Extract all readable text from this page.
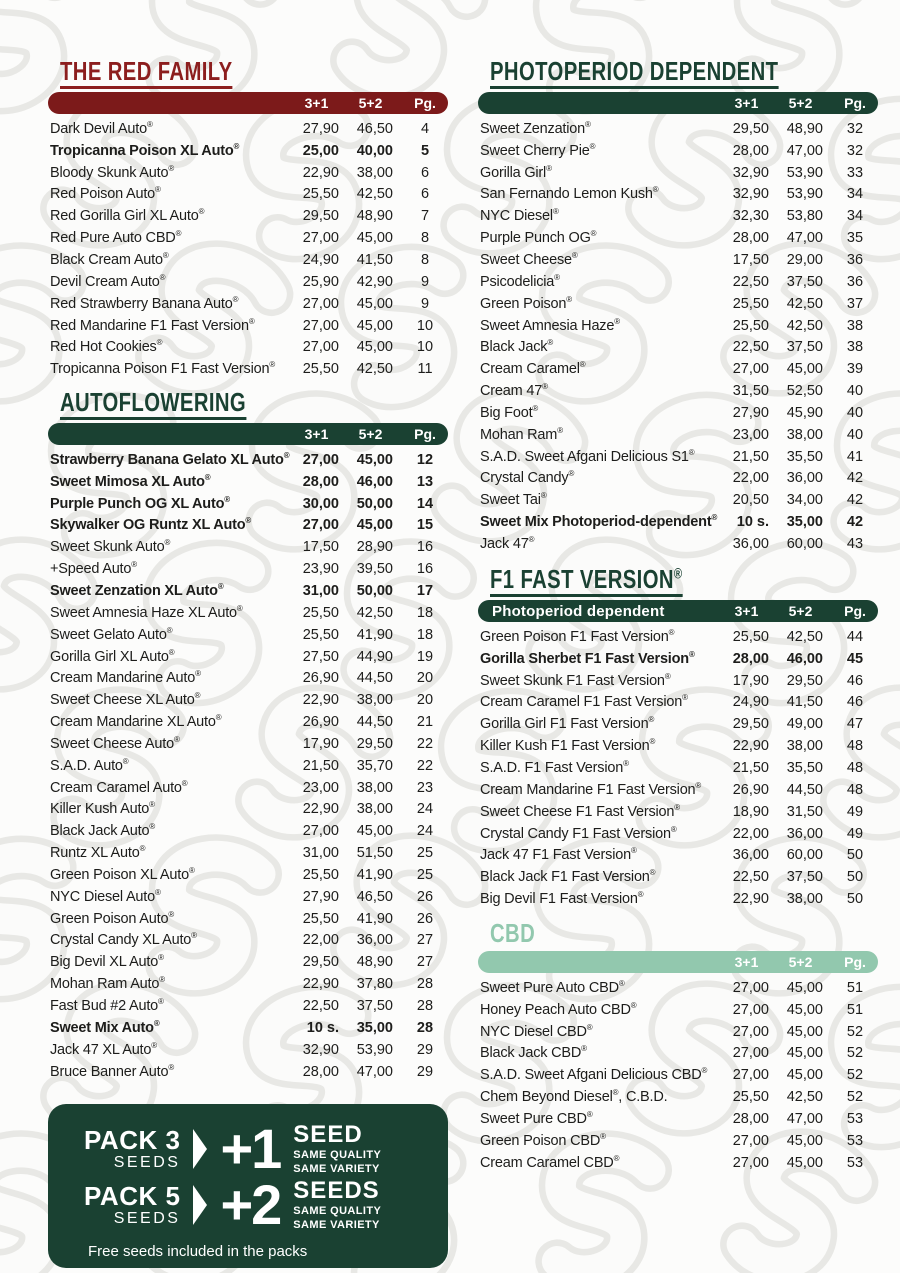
THE RED FAMILY
3+1	5+2	Pg.
Dark Devil Auto®	27,90	46,50	4
Tropicanna Poison XL Auto®	25,00	40,00	5
Bloody Skunk Auto®	22,90	38,00	6
Red Poison Auto®	25,50	42,50	6
Red Gorilla Girl XL Auto®	29,50	48,90	7
Red Pure Auto CBD®	27,00	45,00	8
Black Cream Auto®	24,90	41,50	8
Devil Cream Auto®	25,90	42,90	9
Red Strawberry Banana Auto®	27,00	45,00	9
Red Mandarine F1 Fast Version®	27,00	45,00	10
Red Hot Cookies®	27,00	45,00	10
Tropicanna Poison F1 Fast Version®	25,50	42,50	11
AUTOFLOWERING
3+1	5+2	Pg.
Strawberry Banana Gelato XL Auto® 27,00	45,00	12
Sweet Mimosa XL Auto®	28,00	46,00	13
Purple Punch OG XL Auto®	30,00	50,00	14
Skywalker OG Runtz XL Auto®	27,00	45,00	15
Sweet Skunk Auto®	17,50	28,90	16
+Speed Auto®	23,90	39,50	16
Sweet Zenzation XL Auto®	31,00	50,00	17
Sweet Amnesia Haze XL Auto®	25,50	42,50	18
Sweet Gelato Auto®	25,50	41,90	18
Gorilla Girl XL Auto®	27,50	44,90	19
Cream Mandarine Auto®	26,90	44,50	20
Sweet Cheese XL Auto®	22,90	38,00	20
Cream Mandarine XL Auto®	26,90	44,50	21
Sweet Cheese Auto®	17,90	29,50	22
S.A.D. Auto®	21,50	35,70	22
Cream Caramel Auto®	23,00	38,00	23
Killer Kush Auto®	22,90	38,00	24
Black Jack Auto®	27,00	45,00	24
Runtz XL Auto®	31,00	51,50	25
Green Poison XL Auto®	25,50	41,90	25
NYC Diesel Auto®	27,90	46,50	26
Green Poison Auto®	25,50	41,90	26
Crystal Candy XL Auto®	22,00	36,00	27
Big Devil XL Auto®	29,50	48,90	27
Mohan Ram Auto®	22,90	37,80	28
Fast Bud #2 Auto®	22,50	37,50	28
Sweet Mix Auto®	10 s.	35,00	28
Jack 47 XL Auto®	32,90	53,90	29
Bruce Banner Auto®	28,00	47,00	29
PHOTOPERIOD DEPENDENT
3+1	5+2	Pg.
Sweet Zenzation®	29,50	48,90	32
Sweet Cherry Pie®	28,00	47,00	32
Gorilla Girl®	32,90	53,90	33
San Fernando Lemon Kush®	32,90	53,90	34
NYC Diesel®	32,30	53,80	34
Purple Punch OG®	28,00	47,00	35
Sweet Cheese®	17,50	29,00	36
Psicodelicia®	22,50	37,50	36
Green Poison®	25,50	42,50	37
Sweet Amnesia Haze®	25,50	42,50	38
Black Jack®	22,50	37,50	38
Cream Caramel®	27,00	45,00	39
Cream 47®	31,50	52,50	40
Big Foot®	27,90	45,90	40
Mohan Ram®	23,00	38,00	40
S.A.D. Sweet Afgani Delicious S1®	21,50	35,50	41
Crystal Candy®	22,00	36,00	42
Sweet Tai®	20,50	34,00	42
Sweet Mix Photoperiod-dependent®	10 s.	35,00	42
Jack 47®	36,00	60,00	43
F1 FAST VERSION®
Photoperiod dependent	3+1	5+2	Pg.
Green Poison F1 Fast Version®	25,50	42,50	44
Gorilla Sherbet F1 Fast Version®	28,00	46,00	45
Sweet Skunk F1 Fast Version®	17,90	29,50	46
Cream Caramel F1 Fast Version®	24,90	41,50	46
Gorilla Girl F1 Fast Version®	29,50	49,00	47
Killer Kush F1 Fast Version®	22,90	38,00	48
S.A.D. F1 Fast Version®	21,50	35,50	48
Cream Mandarine F1 Fast Version®	26,90	44,50	48
Sweet Cheese F1 Fast Version®	18,90	31,50	49
Crystal Candy F1 Fast Version®	22,00	36,00	49
Jack 47 F1 Fast Version®	36,00	60,00	50
Black Jack F1 Fast Version®	22,50	37,50	50
Big Devil F1 Fast Version®	22,90	38,00	50
CBD
3+1	5+2	Pg.
Sweet Pure Auto CBD®	27,00	45,00	51
Honey Peach Auto CBD®	27,00	45,00	51
NYC Diesel CBD®	27,00	45,00	52
Black Jack CBD®	27,00	45,00	52
S.A.D. Sweet Afgani Delicious CBD®	27,00	45,00	52
Chem Beyond Diesel®, C.B.D.	25,50	42,50	52
Sweet Pure CBD®	28,00	47,00	53
Green Poison CBD®	27,00	45,00	53
Cream Caramel CBD®	27,00	45,00	53
PACK 3
SEEDS +1 SEED
SAME QUALITY
SAME VARIETY
PACK 5
SEEDS +2 SEEDS
SAME QUALITY
SAME VARIETY
Free seeds included in the packs
